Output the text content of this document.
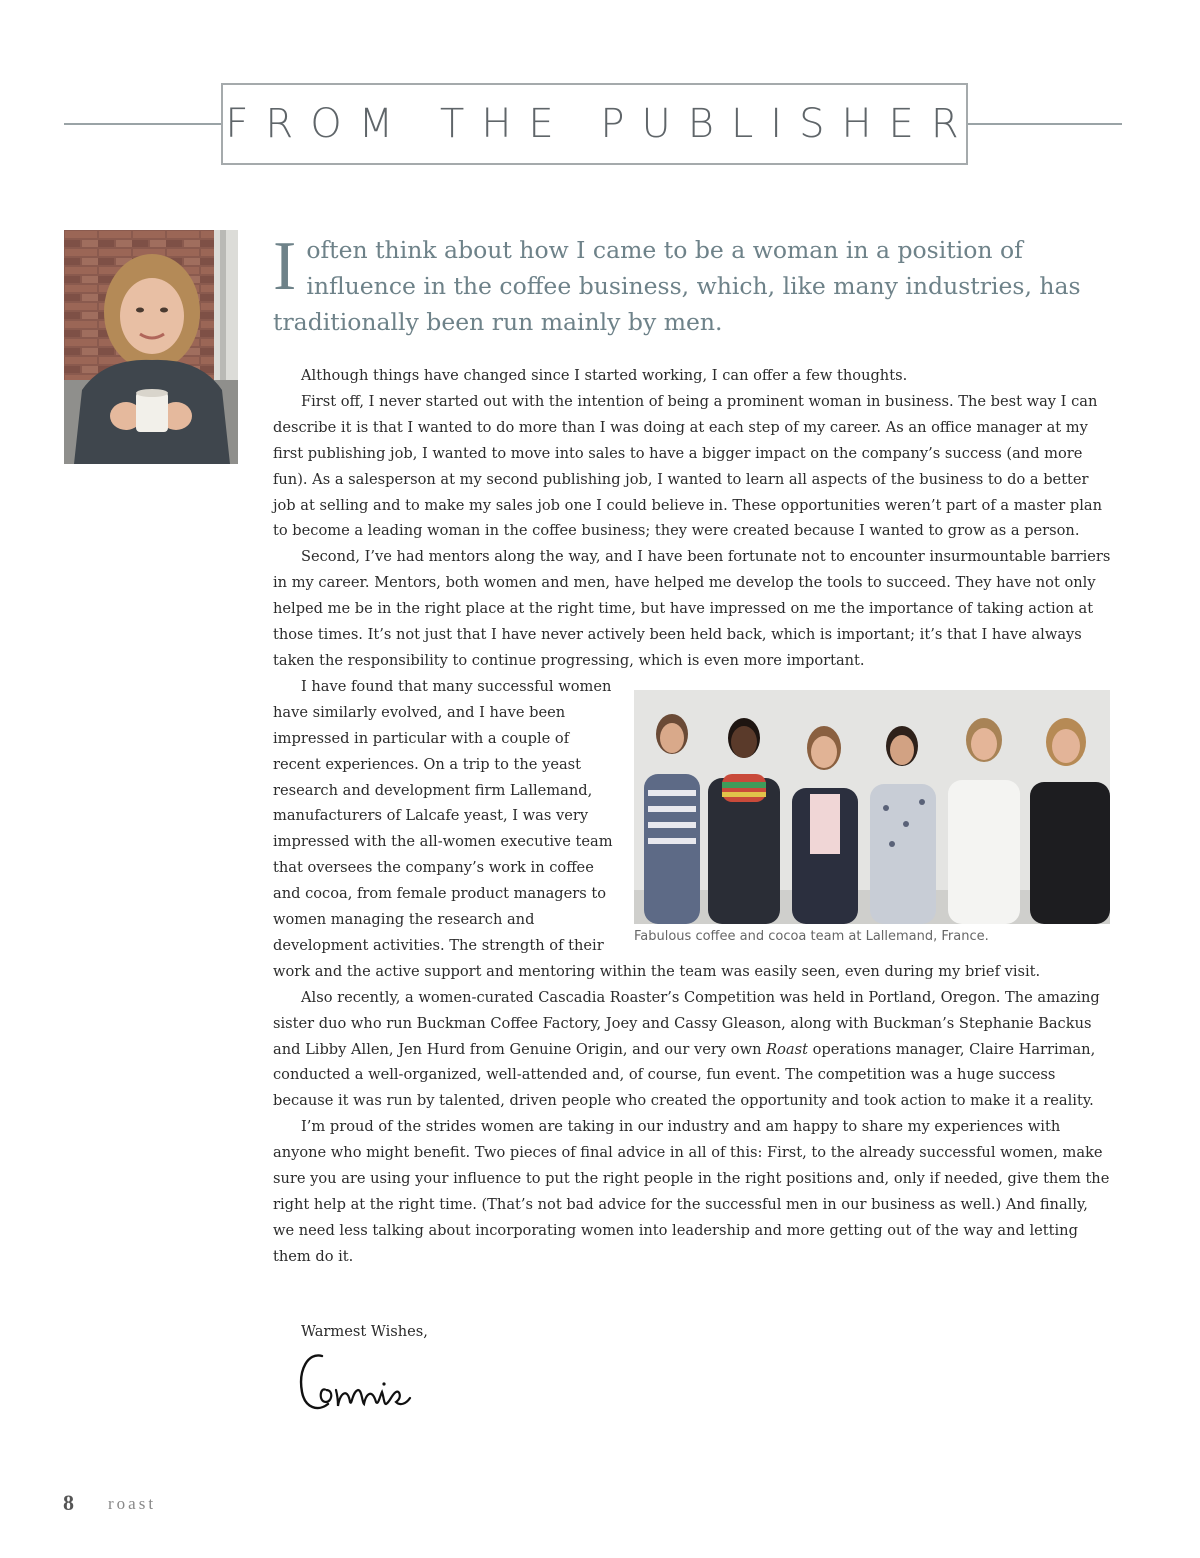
FROM THE PUBLISHER
I often think about how I came to be a woman in a position of influence in the coffee business, which, like many industries, has traditionally been run mainly by men.

Although things have changed since I started working, I can offer a few thoughts.

First off, I never started out with the intention of being a prominent woman in business. The best way I can describe it is that I wanted to do more than I was doing at each step of my career. As an office manager at my first publishing job, I wanted to move into sales to have a bigger impact on the company’s success (and more fun). As a salesperson at my second publishing job, I wanted to learn all aspects of the business to do a better job at selling and to make my sales job one I could believe in. These opportunities weren’t part of a master plan to become a leading woman in the coffee business; they were created because I wanted to grow as a person.

Second, I’ve had mentors along the way, and I have been fortunate not to encounter insurmountable barriers in my career. Mentors, both women and men, have helped me develop the tools to succeed. They have not only helped me be in the right place at the right time, but have impressed on me the importance of taking action at those times. It’s not just that I have never actively been held back, which is important; it’s that I have always taken the responsibility to continue progressing, which is even more important.

Fabulous coffee and cocoa team at Lallemand, France.

I have found that many successful women have similarly evolved, and I have been impressed in particular with a couple of recent experiences. On a trip to the yeast research and development firm Lallemand, manufacturers of Lalcafe yeast, I was very impressed with the all-women executive team that oversees the company’s work in coffee and cocoa, from female product managers to women managing the research and development activities. The strength of their work and the active support and mentoring within the team was easily seen, even during my brief visit.

Also recently, a women-curated Cascadia Roaster’s Competition was held in Portland, Oregon. The amazing sister duo who run Buckman Coffee Factory, Joey and Cassy Gleason, along with Buckman’s Stephanie Backus and Libby Allen, Jen Hurd from Genuine Origin, and our very own Roast operations manager, Claire Harriman, conducted a well-organized, well-attended and, of course, fun event. The competition was a huge success because it was run by talented, driven people who created the opportunity and took action to make it a reality.

I’m proud of the strides women are taking in our industry and am happy to share my experiences with anyone who might benefit. Two pieces of final advice in all of this: First, to the already successful women, make sure you are using your influence to put the right people in the right positions and, only if needed, give them the right help at the right time. (That’s not bad advice for the successful men in our business as well.) And finally, we need less talking about incorporating women into leadership and more getting out of the way and letting them do it.

Warmest Wishes,
8 roast
